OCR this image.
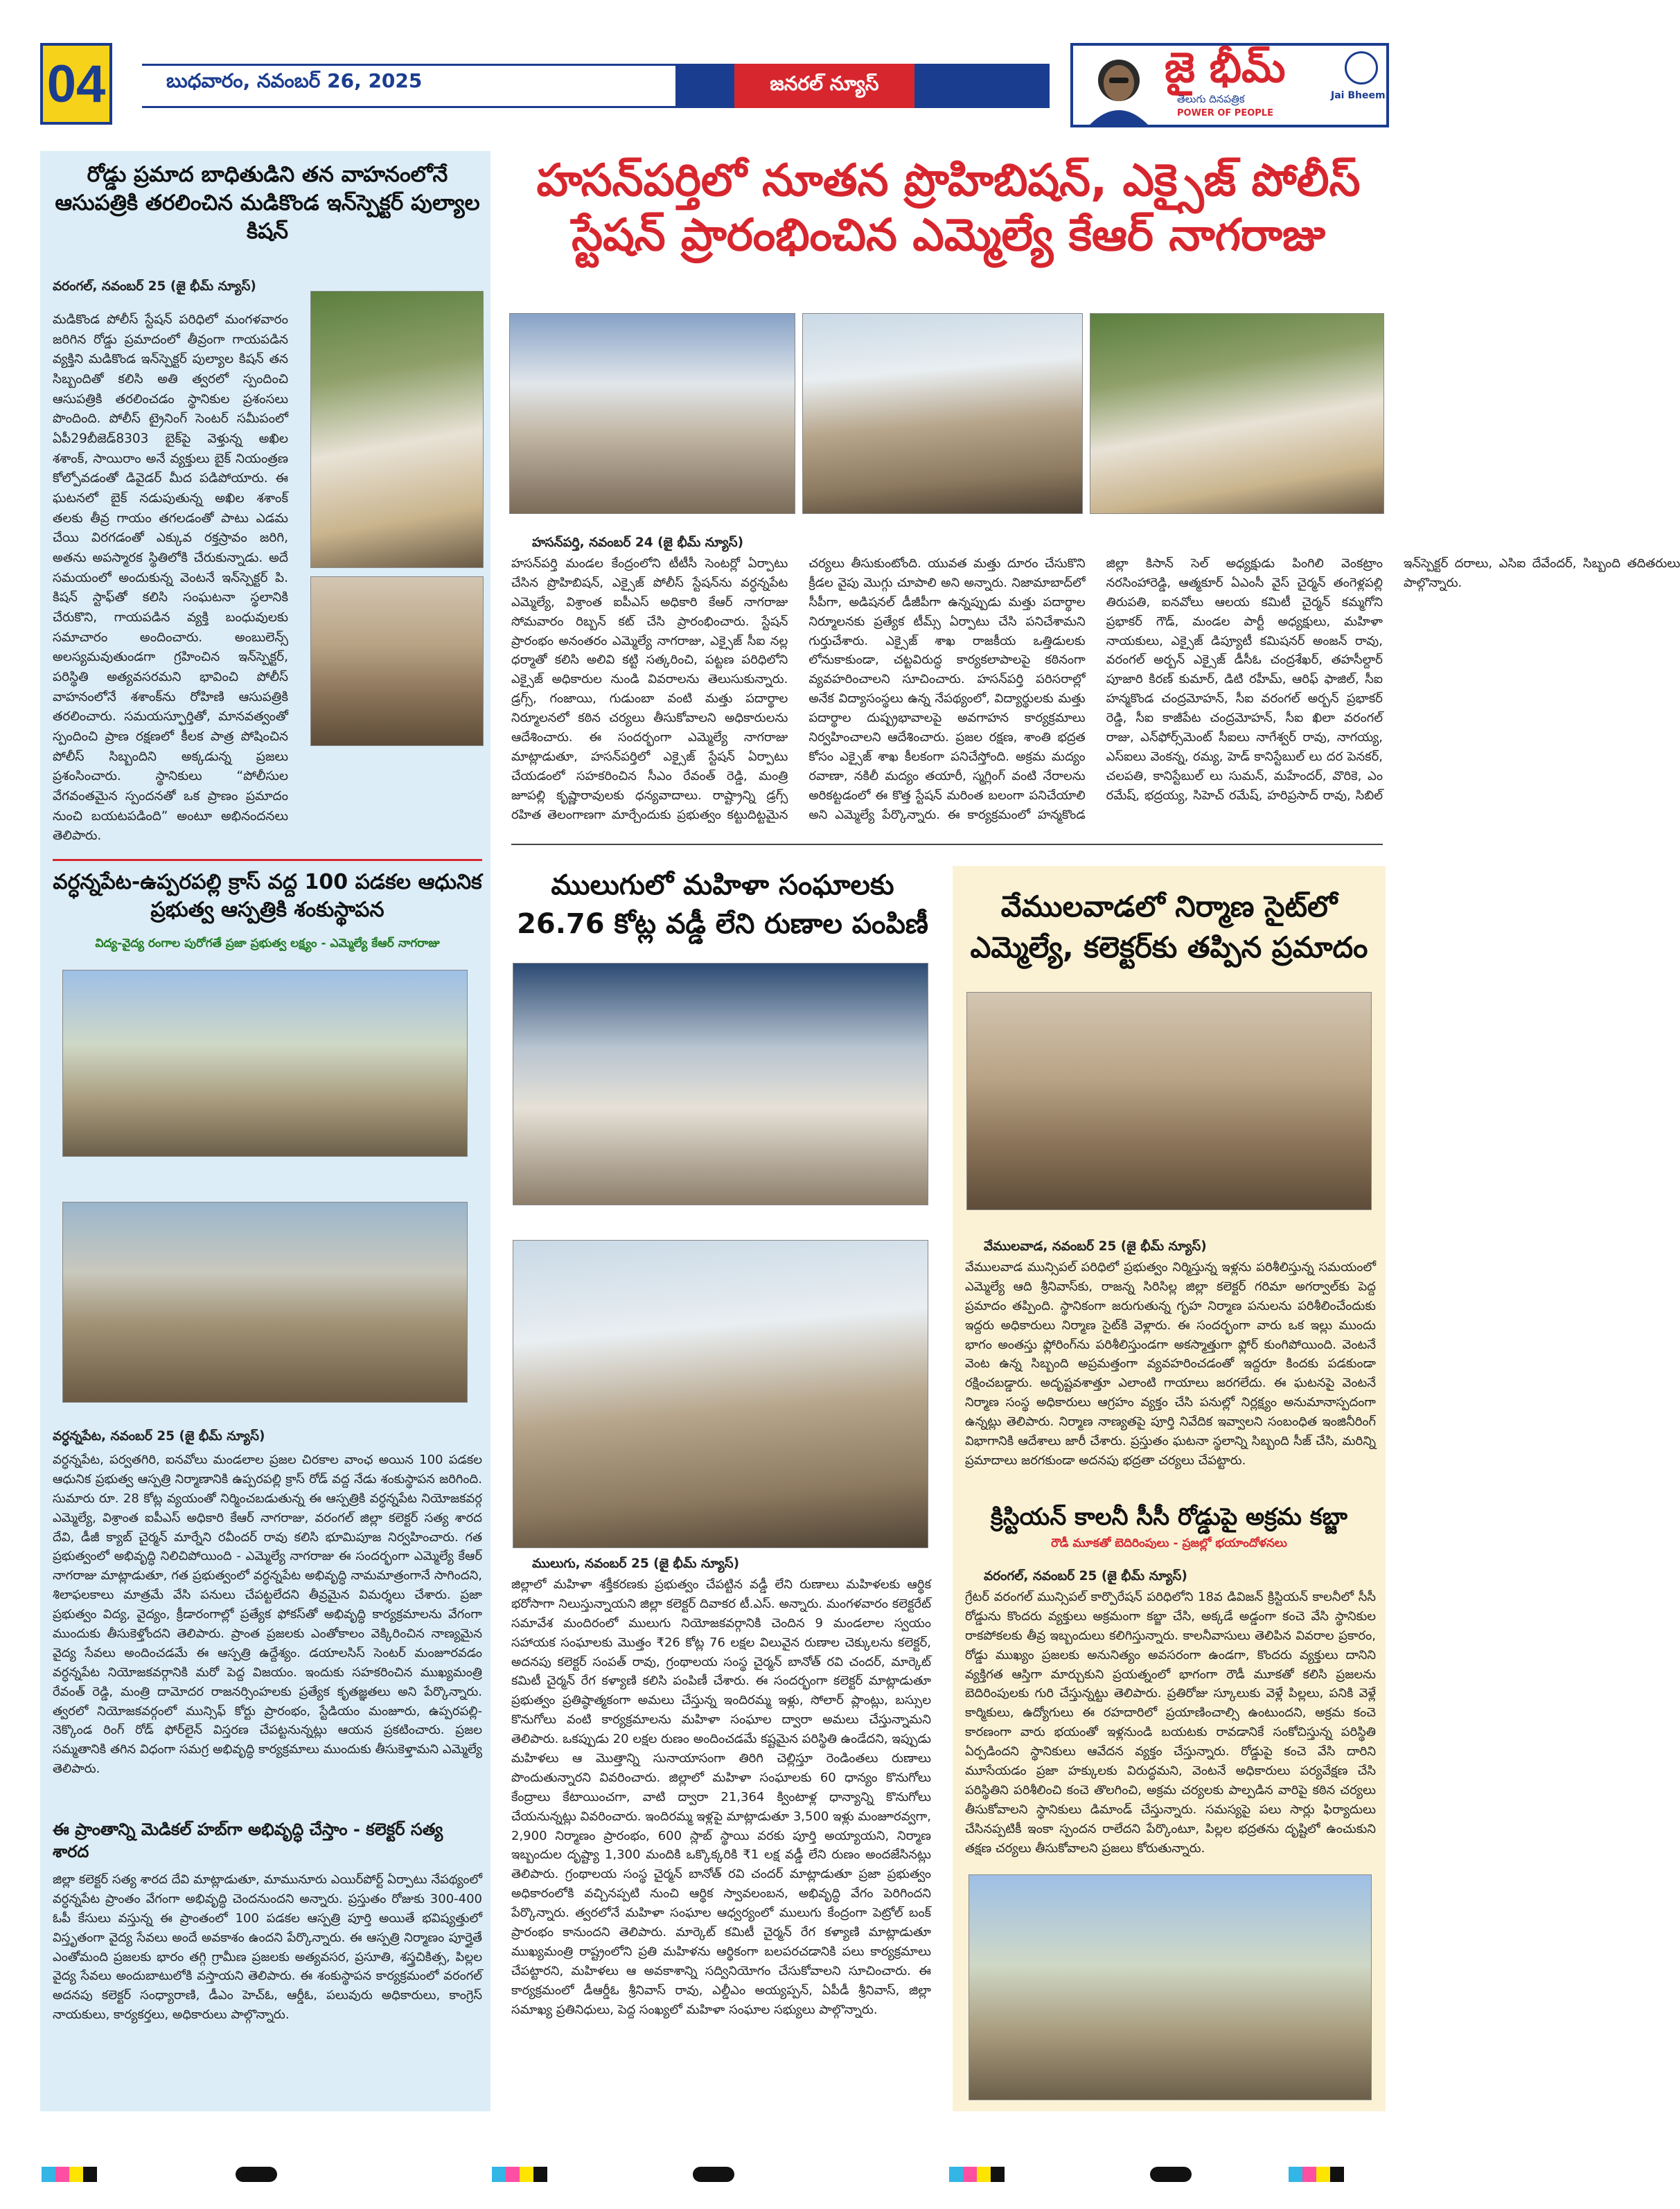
04	బుధవారం, నవంబర్ 26, 2025	జనరల్ న్యూస్	జై భీమ్
తెలుగు దినపత్రిక
POWER OF PEOPLE
Jai Bheem
రోడ్డు ప్రమాద బాధితుడిని తన వాహనంలోనే ఆసుపత్రికి తరలించిన మడికొండ ఇన్‌స్పెక్టర్ పుల్యాల కిషన్
వరంగల్, నవంబర్ 25 (జై భీమ్ న్యూస్)
మడికొండ పోలీస్ స్టేషన్ పరిధిలో మంగళవారం జరిగిన రోడ్డు ప్రమాదంలో తీవ్రంగా గాయపడిన వ్యక్తిని మడికొండ ఇన్‌స్పెక్టర్ పుల్యాల కిషన్ తన సిబ్బందితో కలిసి అతి త్వరలో స్పందించి ఆసుపత్రికి తరలించడం స్థానికుల ప్రశంసలు పొందింది. పోలీస్ ట్రైనింగ్ సెంటర్ సమీపంలో ఏపీ29బీజెడ్8303 బైక్‌పై వెళ్తున్న అఖిల శశాంక్, సాయిరాం అనే వ్యక్తులు బైక్ నియంత్రణ కోల్పోవడంతో డివైడర్ మీద పడిపోయారు. ఈ ఘటనలో బైక్ నడుపుతున్న అఖిల శశాంక్ తలకు తీవ్ర గాయం తగలడంతో పాటు ఎడమ చేయి విరగడంతో ఎక్కువ రక్తస్రావం జరిగి, అతను అపస్మారక స్థితిలోకి చేరుకున్నాడు. అదే సమయంలో అందుకున్న వెంటనే ఇన్‌స్పెక్టర్ పి. కిషన్ స్టాఫ్‌తో కలిసి సంఘటనా స్థలానికి చేరుకొని, గాయపడిన వ్యక్తి బంధువులకు సమాచారం అందించారు. అంబులెన్స్ అలస్యమవుతుండగా గ్రహించిన ఇన్‌స్పెక్టర్, పరిస్థితి అత్యవసరమని భావించి పోలీస్ వాహనంలోనే శశాంక్‌ను రోహిణి ఆసుపత్రికి తరలించారు. సమయస్ఫూర్తితో, మానవత్వంతో స్పందించి ప్రాణ రక్షణలో కీలక పాత్ర పోషించిన పోలీస్ సిబ్బందిని అక్కడున్న ప్రజలు ప్రశంసించారు. స్థానికులు “పోలీసుల వేగవంతమైన స్పందనతో ఒక ప్రాణం ప్రమాదం నుంచి బయటపడింది” అంటూ అభినందనలు తెలిపారు.
వర్ధన్నపేట-ఉప్పరపల్లి క్రాస్ వద్ద 100 పడకల ఆధునిక ప్రభుత్వ ఆస్పత్రికి శంకుస్థాపన
విద్య-వైద్య రంగాల పురోగతే ప్రజా ప్రభుత్వ లక్ష్యం - ఎమ్మెల్యే కేఆర్ నాగరాజు
వర్ధన్నపేట, నవంబర్ 25 (జై భీమ్ న్యూస్)
వర్ధన్నపేట, పర్వతగిరి, ఐనవోలు మండలాల ప్రజల చిరకాల వాంఛ అయిన 100 పడకల ఆధునిక ప్రభుత్వ ఆస్పత్రి నిర్మాణానికి ఉప్పరపల్లి క్రాస్ రోడ్ వద్ద నేడు శంకుస్థాపన జరిగింది. సుమారు రూ. 28 కోట్ల వ్యయంతో నిర్మించబడుతున్న ఈ ఆస్పత్రికి వర్ధన్నపేట నియోజకవర్గ ఎమ్మెల్యే, విశ్రాంత ఐపీఎస్ అధికారి కేఆర్ నాగరాజు, వరంగల్ జిల్లా కలెక్టర్ సత్య శారద దేవి, డీజీ క్యాబ్ చైర్మన్ మార్నేని రవీందర్ రావు కలిసి భూమిపూజ నిర్వహించారు. గత ప్రభుత్వంలో అభివృద్ధి నిలిచిపోయింది - ఎమ్మెల్యే నాగరాజు ఈ సందర్భంగా ఎమ్మెల్యే కేఆర్ నాగరాజు మాట్లాడుతూ, గత ప్రభుత్వంలో వర్ధన్నపేట అభివృద్ధి నామమాత్రంగానే సాగిందని, శిలాఫలకాలు మాత్రమే వేసి పనులు చేపట్టలేదని తీవ్రమైన విమర్శలు చేశారు. ప్రజా ప్రభుత్వం విద్య, వైద్యం, క్రీడారంగాల్లో ప్రత్యేక ఫోకస్‌తో అభివృద్ధి కార్యక్రమాలను వేగంగా ముందుకు తీసుకెళ్తోందని తెలిపారు. ప్రాంత ప్రజలకు ఎంతోకాలం వెక్కిరించిన నాణ్యమైన వైద్య సేవలు అందించడమే ఈ ఆస్పత్రి ఉద్దేశ్యం. డయాలసిస్ సెంటర్ మంజూరవడం వర్ధన్నపేట నియోజకవర్గానికి మరో పెద్ద విజయం. ఇందుకు సహకరించిన ముఖ్యమంత్రి రేవంత్ రెడ్డి, మంత్రి దామోదర రాజనర్సింహలకు ప్రత్యేక కృతజ్ఞతలు అని పేర్కొన్నారు. త్వరలో నియోజకవర్గంలో మున్సిఫ్ కోర్టు ప్రారంభం, స్టేడియం మంజూరు, ఉప్పరపల్లి-నెక్కొండ రింగ్ రోడ్ ఫోర్‌లైన్ విస్తరణ చేపట్టనున్నట్లు ఆయన ప్రకటించారు. ప్రజల సమ్మతానికి తగిన విధంగా సమగ్ర అభివృద్ధి కార్యక్రమాలు ముందుకు తీసుకెళ్తామని ఎమ్మెల్యే తెలిపారు.
ఈ ప్రాంతాన్ని మెడికల్ హబ్‌గా అభివృద్ధి చేస్తాం - కలెక్టర్ సత్య శారద
జిల్లా కలెక్టర్ సత్య శారద దేవి మాట్లాడుతూ, మామునూరు ఎయిర్‌పోర్ట్ ఏర్పాటు నేపథ్యంలో వర్ధన్నపేట ప్రాంతం వేగంగా అభివృద్ధి చెందనుందని అన్నారు. ప్రస్తుతం రోజుకు 300-400 ఓపీ కేసులు వస్తున్న ఈ ప్రాంతంలో 100 పడకల ఆస్పత్రి పూర్తి అయితే భవిష్యత్తులో విస్తృతంగా వైద్య సేవలు అందే అవకాశం ఉందని పేర్కొన్నారు. ఈ ఆస్పత్రి నిర్మాణం పూర్తైతే ఎంతోమంది ప్రజలకు భారం తగ్గి గ్రామీణ ప్రజలకు అత్యవసర, ప్రసూతి, శస్త్రచికిత్స, పిల్లల వైద్య సేవలు అందుబాటులోకి వస్తాయని తెలిపారు. ఈ శంకుస్థాపన కార్యక్రమంలో వరంగల్ అదనపు కలెక్టర్ సంధ్యారాణి, డీఎం హెచ్‌ఓ, ఆర్డీఓ, పలువురు అధికారులు, కాంగ్రెస్ నాయకులు, కార్యకర్తలు, అధికారులు పాల్గొన్నారు.
హసన్‌పర్తిలో నూతన ప్రొహిబిషన్, ఎక్సైజ్ పోలీస్ స్టేషన్ ప్రారంభించిన ఎమ్మెల్యే కేఆర్ నాగరాజు
హసన్‌పర్తి, నవంబర్ 24 (జై భీమ్ న్యూస్)
హసన్‌పర్తి మండల కేంద్రంలోని టీటీసీ సెంటర్లో ఏర్పాటు చేసిన ప్రొహిబిషన్, ఎక్సైజ్ పోలీస్ స్టేషన్‌ను వర్ధన్నపేట ఎమ్మెల్యే, విశ్రాంత ఐపీఎస్ అధికారి కేఆర్ నాగరాజు సోమవారం రిబ్బన్ కట్ చేసి ప్రారంభించారు. స్టేషన్ ప్రారంభం అనంతరం ఎమ్మెల్యే నాగరాజు, ఎక్సైజ్ సీఐ నల్ల ధర్మాతో కలిసి అలివి కట్టి సత్కరించి, పట్టణ పరిధిలోని ఎక్సైజ్ అధికారుల నుండి వివరాలను తెలుసుకున్నారు. డ్రగ్స్, గంజాయి, గుడుంబా వంటి మత్తు పదార్థాల నిర్మూలనలో కఠిన చర్యలు తీసుకోవాలని అధికారులను ఆదేశించారు. ఈ సందర్భంగా ఎమ్మెల్యే నాగరాజు మాట్లాడుతూ, హసన్‌పర్తిలో ఎక్సైజ్ స్టేషన్ ఏర్పాటు చేయడంలో సహకరించిన సీఎం రేవంత్ రెడ్డి, మంత్రి జూపల్లి కృష్ణారావులకు ధన్యవాదాలు. రాష్ట్రాన్ని డ్రగ్స్ రహిత తెలంగాణగా మార్చేందుకు ప్రభుత్వం కట్టుదిట్టమైన చర్యలు తీసుకుంటోంది. యువత మత్తు దూరం చేసుకొని క్రీడల వైపు మొగ్గు చూపాలి అని అన్నారు. నిజామాబాద్‌లో సీపీగా, అడిషనల్ డీజీపీగా ఉన్నప్పుడు మత్తు పదార్థాల నిర్మూలనకు ప్రత్యేక టీమ్స్ ఏర్పాటు చేసి పనిచేశామని గుర్తుచేశారు. ఎక్సైజ్ శాఖ రాజకీయ ఒత్తిడులకు లోనుకాకుండా, చట్టవిరుద్ధ కార్యకలాపాలపై కఠినంగా వ్యవహరించాలని సూచించారు. హసన్‌పర్తి పరిసరాల్లో అనేక విద్యాసంస్థలు ఉన్న నేపథ్యంలో, విద్యార్థులకు మత్తు పదార్థాల దుష్ప్రభావాలపై అవగాహన కార్యక్రమాలు నిర్వహించాలని ఆదేశించారు. ప్రజల రక్షణ, శాంతి భద్రత కోసం ఎక్సైజ్ శాఖ కీలకంగా పనిచేస్తోంది. అక్రమ మద్యం రవాణా, నకిలీ మద్యం తయారీ, స్మగ్లింగ్ వంటి నేరాలను అరికట్టడంలో ఈ కొత్త స్టేషన్ మరింత బలంగా పనిచేయాలి అని ఎమ్మెల్యే పేర్కొన్నారు. ఈ కార్యక్రమంలో హన్మకొండ జిల్లా కిసాన్ సెల్ అధ్యక్షుడు పింగిలి వెంకట్రాం నరసింహారెడ్డి, ఆత్మకూర్ ఏఎంసీ వైస్ చైర్మన్ తంగెళ్లపల్లి తిరుపతి, ఐనవోలు ఆలయ కమిటీ చైర్మన్ కమ్మగోని ప్రభాకర్ గౌడ్, మండల పార్టీ అధ్యక్షులు, మహిళా నాయకులు, ఎక్సైజ్ డిప్యూటీ కమిషనర్ అంజన్ రావు, వరంగల్ అర్బన్ ఎక్సైజ్ డీసీఓ చంద్రశేఖర్, తహసీల్దార్ పూజారి కిరణ్ కుమార్, డిటి రహీమ్, ఆరిఫ్ ఫాజిల్, సీఐ హన్మకొండ చంద్రమోహన్, సీఐ వరంగల్ అర్బన్ ప్రభాకర్ రెడ్డి, సీఐ కాజీపేట చంద్రమోహన్, సీఐ ఖిలా వరంగల్ రాజు, ఎన్‌ఫోర్స్‌మెంట్ సీఐలు నాగేశ్వర్ రావు, నాగయ్య, ఎస్ఐలు వెంకన్న, రమ్య, హెడ్ కానిస్టేబుల్ లు దర పెనకర్, చలపతి, కానిస్టేబుల్ లు సుమన్, మహేందర్, వొరికె, ఎం రమేష్, భద్రయ్య, సిహెచ్ రమేష్, హరిప్రసాద్ రావు, సిబిల్ ఇన్‌స్పెక్టర్ దరాలు, ఎసిఐ దేవేందర్, సిబ్బంది తదితరులు పాల్గొన్నారు.
ములుగులో మహిళా సంఘాలకు 26.76 కోట్ల వడ్డీ లేని రుణాల పంపిణీ
ములుగు, నవంబర్ 25 (జై భీమ్ న్యూస్)
జిల్లాలో మహిళా శక్తీకరణకు ప్రభుత్వం చేపట్టిన వడ్డీ లేని రుణాలు మహిళలకు ఆర్థిక భరోసాగా నిలుస్తున్నాయని జిల్లా కలెక్టర్ దివాకర టీ.ఎస్. అన్నారు. మంగళవారం కలెక్టరేట్ సమావేశ మందిరంలో ములుగు నియోజకవర్గానికి చెందిన 9 మండలాల స్వయం సహాయక సంఘాలకు మొత్తం ₹26 కోట్ల 76 లక్షల విలువైన రుణాల చెక్కులను కలెక్టర్, అదనపు కలెక్టర్ సంపత్ రావు, గ్రంథాలయ సంస్థ చైర్మన్ బానోత్ రవి చందర్, మార్కెట్ కమిటీ చైర్మన్ రేగ కళ్యాణి కలిసి పంపిణీ చేశారు. ఈ సందర్భంగా కలెక్టర్ మాట్లాడుతూ ప్రభుత్వం ప్రతిష్ఠాత్మకంగా అమలు చేస్తున్న ఇందిరమ్మ ఇళ్లు, సోలార్ ప్లాంట్లు, బస్సుల కొనుగోలు వంటి కార్యక్రమాలను మహిళా సంఘాల ద్వారా అమలు చేస్తున్నామని తెలిపారు. ఒకప్పుడు 20 లక్షల రుణం అందించడమే కష్టమైన పరిస్థితి ఉండేదని, ఇప్పుడు మహిళలు ఆ మొత్తాన్ని సునాయాసంగా తిరిగి చెల్లిస్తూ రెండింతలు రుణాలు పొందుతున్నారని వివరించారు. జిల్లాలో మహిళా సంఘాలకు 60 ధాన్యం కొనుగోలు కేంద్రాలు కేటాయించగా, వాటి ద్వారా 21,364 క్వింటాళ్ల ధాన్యాన్ని కొనుగోలు చేయనున్నట్లు వివరించారు. ఇందిరమ్మ ఇళ్లపై మాట్లాడుతూ 3,500 ఇళ్లు మంజూరవ్వగా, 2,900 నిర్మాణం ప్రారంభం, 600 స్లాబ్ స్థాయి వరకు పూర్తి అయ్యాయని, నిర్మాణ ఇబ్బందుల దృష్ట్యా 1,300 మందికి ఒక్కొక్కరికి ₹1 లక్ష వడ్డీ లేని రుణం అందజేసినట్లు తెలిపారు. గ్రంథాలయ సంస్థ చైర్మన్ బానోత్ రవి చందర్ మాట్లాడుతూ ప్రజా ప్రభుత్వం అధికారంలోకి వచ్చినప్పటి నుంచి ఆర్థిక స్వావలంబన, అభివృద్ధి వేగం పెరిగిందని పేర్కొన్నారు. త్వరలోనే మహిళా సంఘాల ఆధ్వర్యంలో ములుగు కేంద్రంగా పెట్రోల్ బంక్ ప్రారంభం కానుందని తెలిపారు. మార్కెట్ కమిటీ చైర్మన్ రేగ కళ్యాణి మాట్లాడుతూ ముఖ్యమంత్రి రాష్ట్రంలోని ప్రతి మహిళను ఆర్థికంగా బలపరచడానికి పలు కార్యక్రమాలు చేపట్టారని, మహిళలు ఆ అవకాశాన్ని సద్వినియోగం చేసుకోవాలని సూచించారు. ఈ కార్యక్రమంలో డీఆర్డీఓ శ్రీనివాస్ రావు, ఎల్డీఎం అయ్యప్పన్, ఏపీడీ శ్రీనివాస్, జిల్లా సమాఖ్య ప్రతినిధులు, పెద్ద సంఖ్యలో మహిళా సంఘాల సభ్యులు పాల్గొన్నారు.
వేములవాడలో నిర్మాణ సైట్‌లో ఎమ్మెల్యే, కలెక్టర్‌కు తప్పిన ప్రమాదం
వేములవాడ, నవంబర్ 25 (జై భీమ్ న్యూస్)
వేములవాడ మున్సిపల్ పరిధిలో ప్రభుత్వం నిర్మిస్తున్న ఇళ్లను పరిశీలిస్తున్న సమయంలో ఎమ్మెల్యే ఆది శ్రీనివాస్‌కు, రాజన్న సిరిసిల్ల జిల్లా కలెక్టర్ గరిమా అగర్వాల్‌కు పెద్ద ప్రమాదం తప్పింది. స్థానికంగా జరుగుతున్న గృహ నిర్మాణ పనులను పరిశీలించేందుకు ఇద్దరు అధికారులు నిర్మాణ సైట్‌కి వెళ్లారు. ఈ సందర్భంగా వారు ఒక ఇల్లు ముందు భాగం అంతస్తు ఫ్లోరింగ్‌ను పరిశీలిస్తుండగా అకస్మాత్తుగా ఫ్లోర్ కుంగిపోయింది. వెంటనే వెంట ఉన్న సిబ్బంది అప్రమత్తంగా వ్యవహరించడంతో ఇద్దరూ కిందకు పడకుండా రక్షించబడ్డారు. అదృష్టవశాత్తూ ఎలాంటి గాయాలు జరగలేదు. ఈ ఘటనపై వెంటనే నిర్మాణ సంస్థ అధికారులు ఆగ్రహం వ్యక్తం చేసి పనుల్లో నిర్లక్ష్యం అనుమానాస్పదంగా ఉన్నట్లు తెలిపారు. నిర్మాణ నాణ్యతపై పూర్తి నివేదిక ఇవ్వాలని సంబంధిత ఇంజినీరింగ్ విభాగానికి ఆదేశాలు జారీ చేశారు. ప్రస్తుతం ఘటనా స్థలాన్ని సిబ్బంది సీజ్ చేసి, మరిన్ని ప్రమాదాలు జరగకుండా అదనపు భద్రతా చర్యలు చేపట్టారు.
క్రిస్టియన్ కాలనీ సీసీ రోడ్డుపై అక్రమ కబ్జా
రౌడీ మూకతో బెదిరింపులు - ప్రజల్లో భయాందోళనలు
వరంగల్, నవంబర్ 25 (జై భీమ్ న్యూస్)
గ్రేటర్ వరంగల్ మున్సిపల్ కార్పొరేషన్ పరిధిలోని 18వ డివిజన్ క్రిస్టియన్ కాలనీలో సీసీ రోడ్డును కొందరు వ్యక్తులు అక్రమంగా కబ్జా చేసి, అక్కడే అడ్డంగా కంచె వేసి స్థానికుల రాకపోకలకు తీవ్ర ఇబ్బందులు కలిగిస్తున్నారు. కాలనీవాసులు తెలిపిన వివరాల ప్రకారం, రోడ్డు ముఖ్యం ప్రజలకు అనునిత్యం అవసరంగా ఉండగా, కొందరు వ్యక్తులు దానిని వ్యక్తిగత ఆస్తిగా మార్చుకుని ప్రయత్నంలో భాగంగా రౌడీ మూకతో కలిసి ప్రజలను బెదిరింపులకు గురి చేస్తున్నట్టు తెలిపారు. ప్రతిరోజు స్కూలుకు వెళ్లే పిల్లలు, పనికి వెళ్లే కార్మికులు, ఉద్యోగులు ఈ రహదారిలో ప్రయాణించాల్సి ఉంటుందని, అక్రమ కంచె కారణంగా వారు భయంతో ఇళ్లనుండి బయటకు రావడానికే సంకోచిస్తున్న పరిస్థితి ఏర్పడిందని స్థానికులు ఆవేదన వ్యక్తం చేస్తున్నారు. రోడ్డుపై కంచె వేసి దారిని మూసేయడం ప్రజా హక్కులకు విరుద్ధమని, వెంటనే అధికారులు పర్యవేక్షణ చేసి పరిస్థితిని పరిశీలించి కంచె తొలగించి, అక్రమ చర్యలకు పాల్పడిన వారిపై కఠిన చర్యలు తీసుకోవాలని స్థానికులు డిమాండ్ చేస్తున్నారు. సమస్యపై పలు సార్లు ఫిర్యాదులు చేసినప్పటికీ ఇంకా స్పందన రాలేదని పేర్కొంటూ, పిల్లల భద్రతను దృష్టిలో ఉంచుకుని తక్షణ చర్యలు తీసుకోవాలని ప్రజలు కోరుతున్నారు.
